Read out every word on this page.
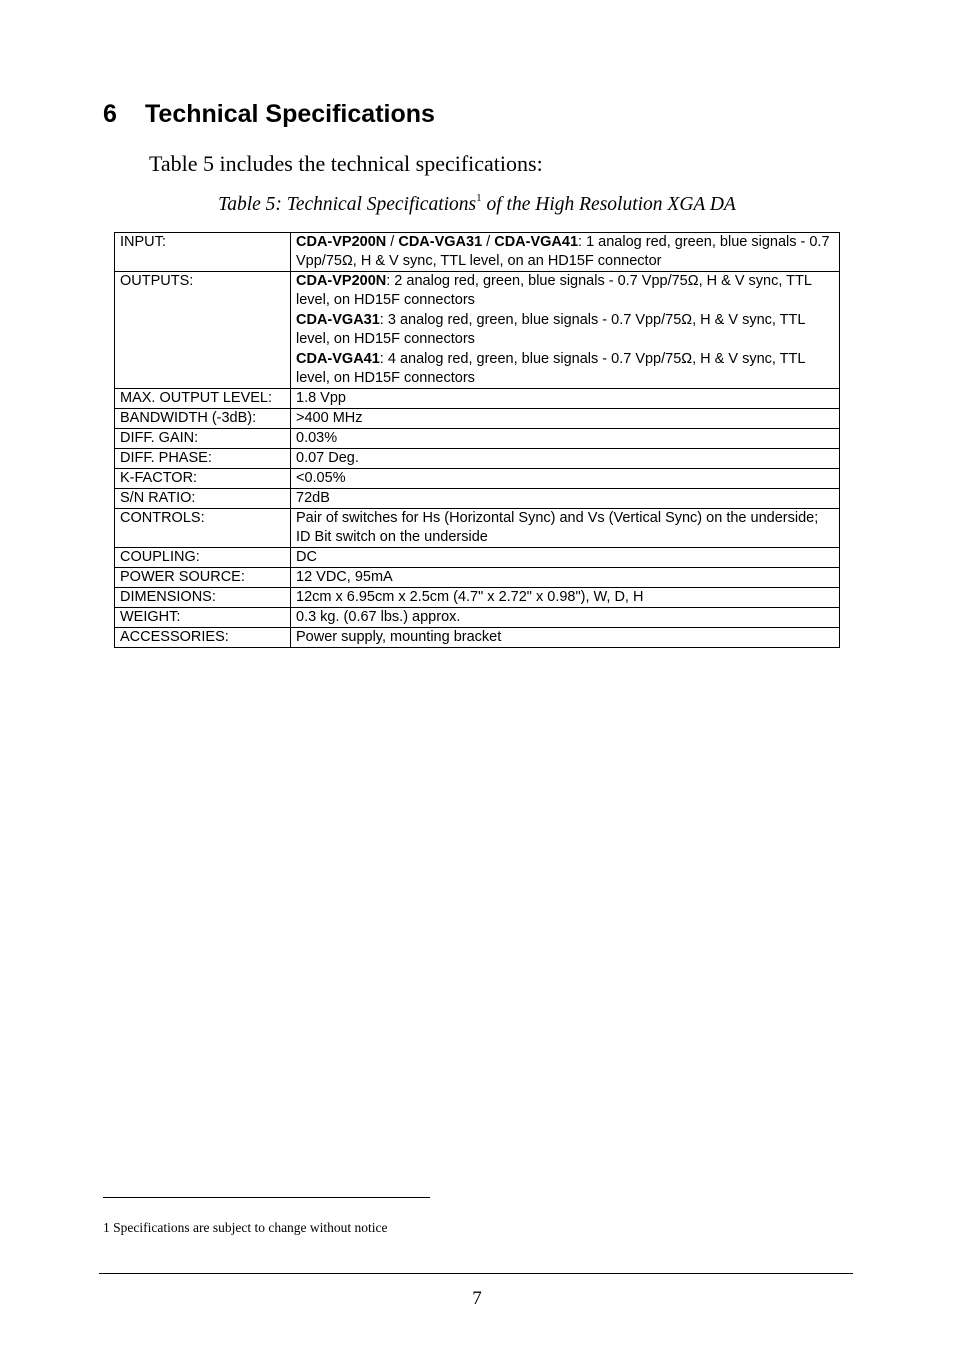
6 Technical Specifications
Table 5 includes the technical specifications:
Table 5: Technical Specifications$^1$ of the High Resolution XGA DA
INPUT:	CDA-VP200N / CDA-VGA31 / CDA-VGA41: 1 analog red, green, blue signals - 0.7 Vpp/75Ω, H & V sync, TTL level, on an HD15F connector
OUTPUTS:	CDA-VP200N: 2 analog red, green, blue signals - 0.7 Vpp/75Ω, H & V sync, TTL level, on HD15F connectors
CDA-VGA31: 3 analog red, green, blue signals - 0.7 Vpp/75Ω, H & V sync, TTL level, on HD15F connectors
CDA-VGA41: 4 analog red, green, blue signals - 0.7 Vpp/75Ω, H & V sync, TTL level, on HD15F connectors

MAX. OUTPUT LEVEL:	1.8 Vpp
BANDWIDTH (-3dB):	>400 MHz
DIFF. GAIN:	0.03%
DIFF. PHASE:	0.07 Deg.
K-FACTOR:	<0.05%
S/N RATIO:	72dB
CONTROLS:	Pair of switches for Hs (Horizontal Sync) and Vs (Vertical Sync) on the underside; ID Bit switch on the underside
COUPLING:	DC
POWER SOURCE:	12 VDC, 95mA
DIMENSIONS:	12cm x 6.95cm x 2.5cm (4.7" x 2.72" x 0.98"), W, D, H
WEIGHT:	0.3 kg. (0.67 lbs.) approx.
ACCESSORIES:	Power supply, mounting bracket
1 Specifications are subject to change without notice
7
